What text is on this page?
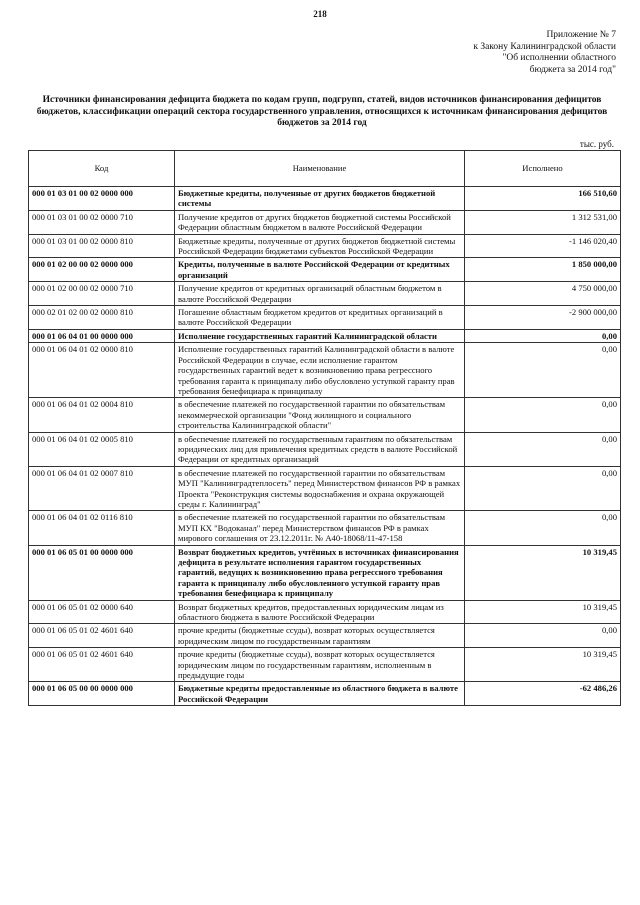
218
Приложение № 7
к Закону Калининградской области
"Об исполнении областного
бюджета за 2014 год"
Источники финансирования дефицита бюджета по кодам групп, подгрупп, статей, видов источников финансирования дефицитов бюджетов, классификации операций сектора государственного управления, относящихся к источникам финансирования дефицитов бюджетов за 2014 год
тыс. руб.
Код	Наименование	Исполнено
000 01 03 01 00 02 0000 000	Бюджетные кредиты, полученные от других бюджетов бюджетной системы	166 510,60
000 01 03 01 00 02 0000 710	Получение кредитов от других бюджетов бюджетной системы Российской Федерации областным бюджетом в валюте Российской Федерации	1 312 531,00
000 01 03 01 00 02 0000 810	Бюджетные кредиты, полученные от других бюджетов бюджетной системы Российской Федерации бюджетами субъектов Российской Федерации	-1 146 020,40
000 01 02 00 00 02 0000 000	Кредиты, полученные в валюте Российской Федерации от кредитных организаций	1 850 000,00
000 01 02 00 00 02 0000 710	Получение кредитов от кредитных организаций областным бюджетом в валюте Российской Федерации	4 750 000,00
000 02 01 02 00 02 0000 810	Погашение областным бюджетом кредитов от кредитных организаций в валюте Российской Федерации	-2 900 000,00
000 01 06 04 01 00 0000 000	Исполнение государственных гарантий Калининградской области	0,00
000 01 06 04 01 02 0000 810	Исполнение государственных гарантий Калининградской области в валюте Российской Федерации в случае, если исполнение гарантом государственных гарантий ведет к возникновению права регрессного требования гаранта к принципалу либо обусловлено уступкой гаранту прав требования бенефициара к принципалу	0,00
000 01 06 04 01 02 0004 810	в обеспечение платежей по государственной гарантии по обязательствам некоммерческой организации "Фонд жилищного и социального строительства Калининградской области"	0,00
000 01 06 04 01 02 0005 810	в обеспечение платежей по государственным гарантиям по обязательствам юридических лиц для привлечения кредитных средств в валюте Российской Федерации от кредитных организаций	0,00
000 01 06 04 01 02 0007 810	в обеспечение платежей по государственной гарантии по обязательствам МУП "Калининградтеплосеть" перед Министерством финансов РФ в рамках Проекта "Реконструкция системы водоснабжения и охрана окружающей среды г. Калининград"	0,00
000 01 06 04 01 02 0116 810	в обеспечение платежей по государственной гарантии по обязательствам МУП КХ "Водоканал" перед Министерством финансов РФ в рамках мирового соглашения от 23.12.2011г. № А40-18068/11-47-158	0,00
000 01 06 05 01 00 0000 000	Возврат бюджетных кредитов, учтённых в источниках финансирования дефицита в результате исполнения гарантом государственных гарантий, ведущих к возникновению права регрессного требования гаранта к принципалу либо обусловленного уступкой гаранту прав требования бенефициара к принципалу	10 319,45
000 01 06 05 01 02 0000 640	Возврат бюджетных кредитов, предоставленных юридическим лицам из областного бюджета в валюте Российской Федерации	10 319,45
000 01 06 05 01 02 4601 640	прочие кредиты (бюджетные ссуды), возврат которых осуществляется юридическим лицом по государственным гарантиям	0,00
000 01 06 05 01 02 4601 640	прочие кредиты (бюджетные ссуды), возврат которых осуществляется юридическим лицом по государственным гарантиям, исполненным в предыдущие годы	10 319,45
000 01 06 05 00 00 0000 000	Бюджетные кредиты предоставленные из областного бюджета в валюте Российской Федерации	-62 486,26
